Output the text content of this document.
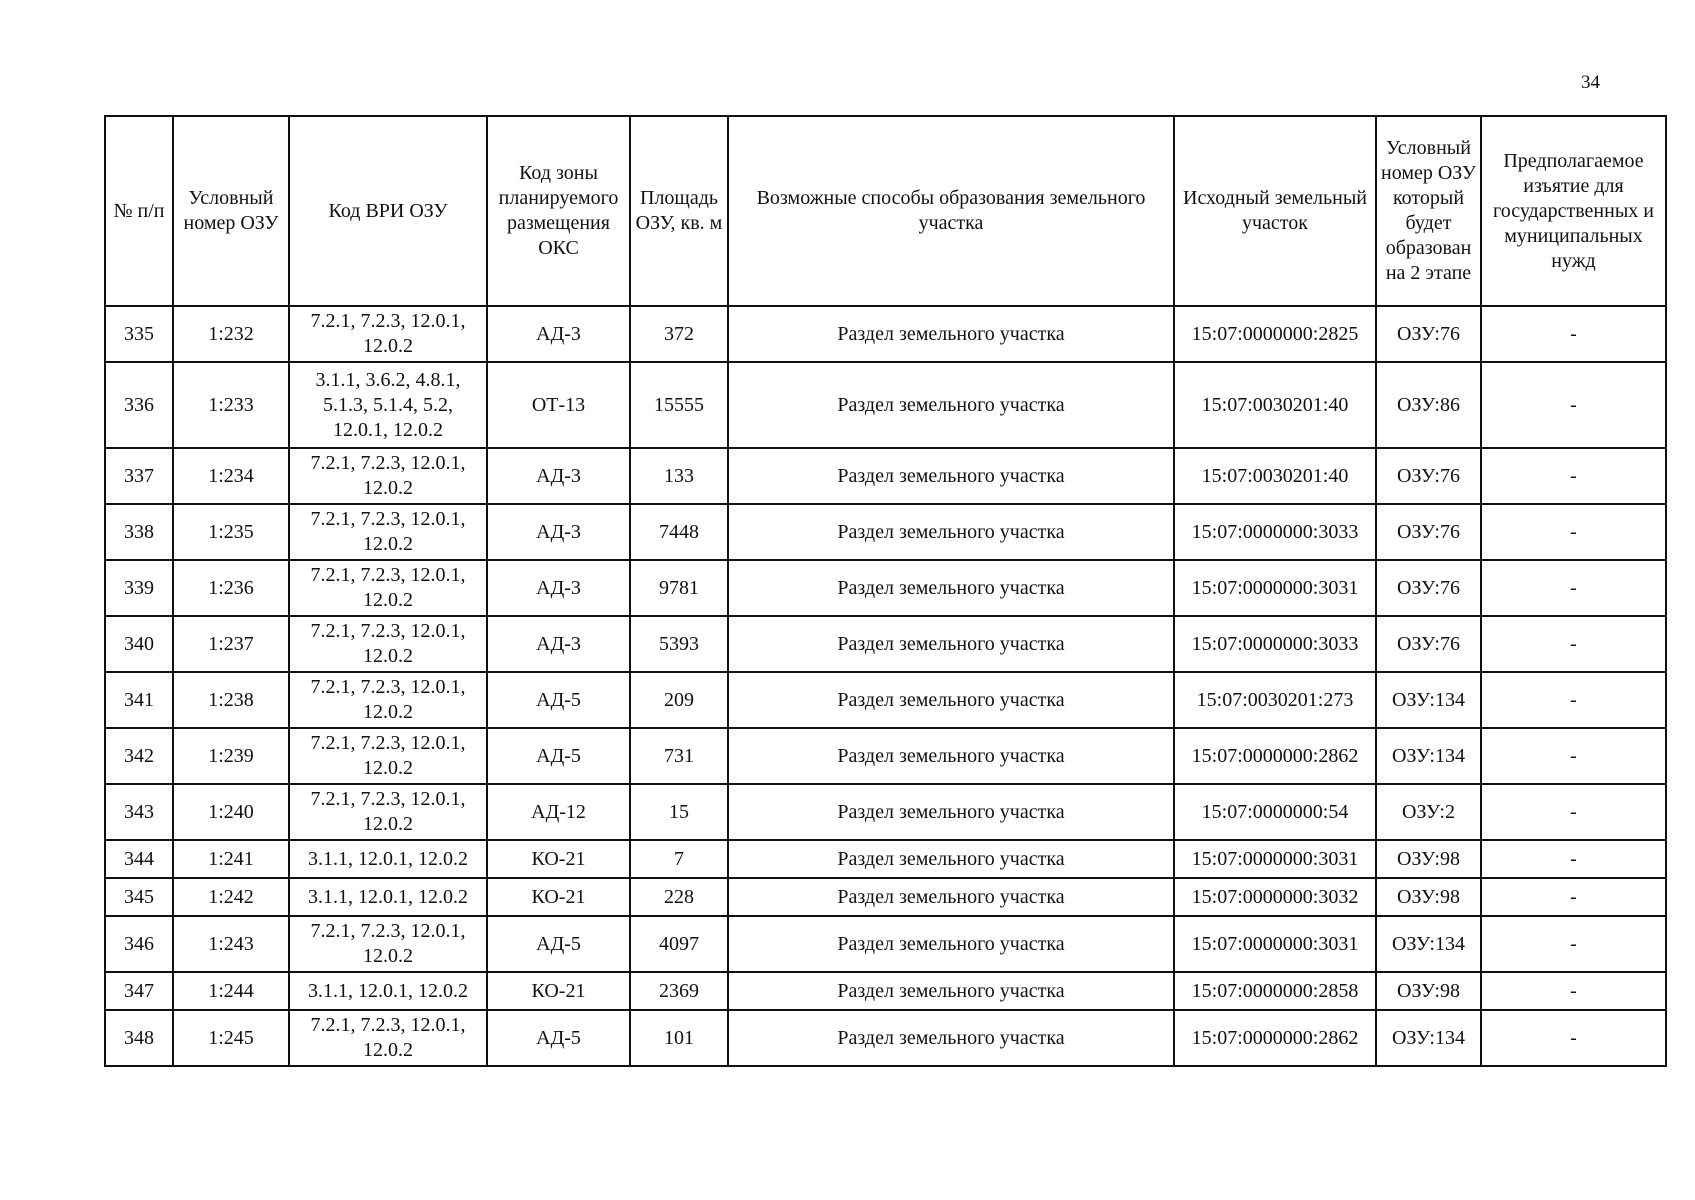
34
№ п/п	Условный номер ОЗУ	Код ВРИ ОЗУ	Код зоны планируемого размещения ОКС	Площадь ОЗУ, кв. м	Возможные способы образования земельного участка	Исходный земельный участок	Условный номер ОЗУ который будет образован на 2 этапе	Предполагаемое изъятие для государственных и муниципальных нужд
335	1:232	7.2.1, 7.2.3, 12.0.1, 12.0.2	АД-3	372	Раздел земельного участка	15:07:0000000:2825	ОЗУ:76	-
336	1:233	3.1.1, 3.6.2, 4.8.1, 5.1.3, 5.1.4, 5.2, 12.0.1, 12.0.2	ОТ-13	15555	Раздел земельного участка	15:07:0030201:40	ОЗУ:86	-
337	1:234	7.2.1, 7.2.3, 12.0.1, 12.0.2	АД-3	133	Раздел земельного участка	15:07:0030201:40	ОЗУ:76	-
338	1:235	7.2.1, 7.2.3, 12.0.1, 12.0.2	АД-3	7448	Раздел земельного участка	15:07:0000000:3033	ОЗУ:76	-
339	1:236	7.2.1, 7.2.3, 12.0.1, 12.0.2	АД-3	9781	Раздел земельного участка	15:07:0000000:3031	ОЗУ:76	-
340	1:237	7.2.1, 7.2.3, 12.0.1, 12.0.2	АД-3	5393	Раздел земельного участка	15:07:0000000:3033	ОЗУ:76	-
341	1:238	7.2.1, 7.2.3, 12.0.1, 12.0.2	АД-5	209	Раздел земельного участка	15:07:0030201:273	ОЗУ:134	-
342	1:239	7.2.1, 7.2.3, 12.0.1, 12.0.2	АД-5	731	Раздел земельного участка	15:07:0000000:2862	ОЗУ:134	-
343	1:240	7.2.1, 7.2.3, 12.0.1, 12.0.2	АД-12	15	Раздел земельного участка	15:07:0000000:54	ОЗУ:2	-
344	1:241	3.1.1, 12.0.1, 12.0.2	КО-21	7	Раздел земельного участка	15:07:0000000:3031	ОЗУ:98	-
345	1:242	3.1.1, 12.0.1, 12.0.2	КО-21	228	Раздел земельного участка	15:07:0000000:3032	ОЗУ:98	-
346	1:243	7.2.1, 7.2.3, 12.0.1, 12.0.2	АД-5	4097	Раздел земельного участка	15:07:0000000:3031	ОЗУ:134	-
347	1:244	3.1.1, 12.0.1, 12.0.2	КО-21	2369	Раздел земельного участка	15:07:0000000:2858	ОЗУ:98	-
348	1:245	7.2.1, 7.2.3, 12.0.1, 12.0.2	АД-5	101	Раздел земельного участка	15:07:0000000:2862	ОЗУ:134	-
